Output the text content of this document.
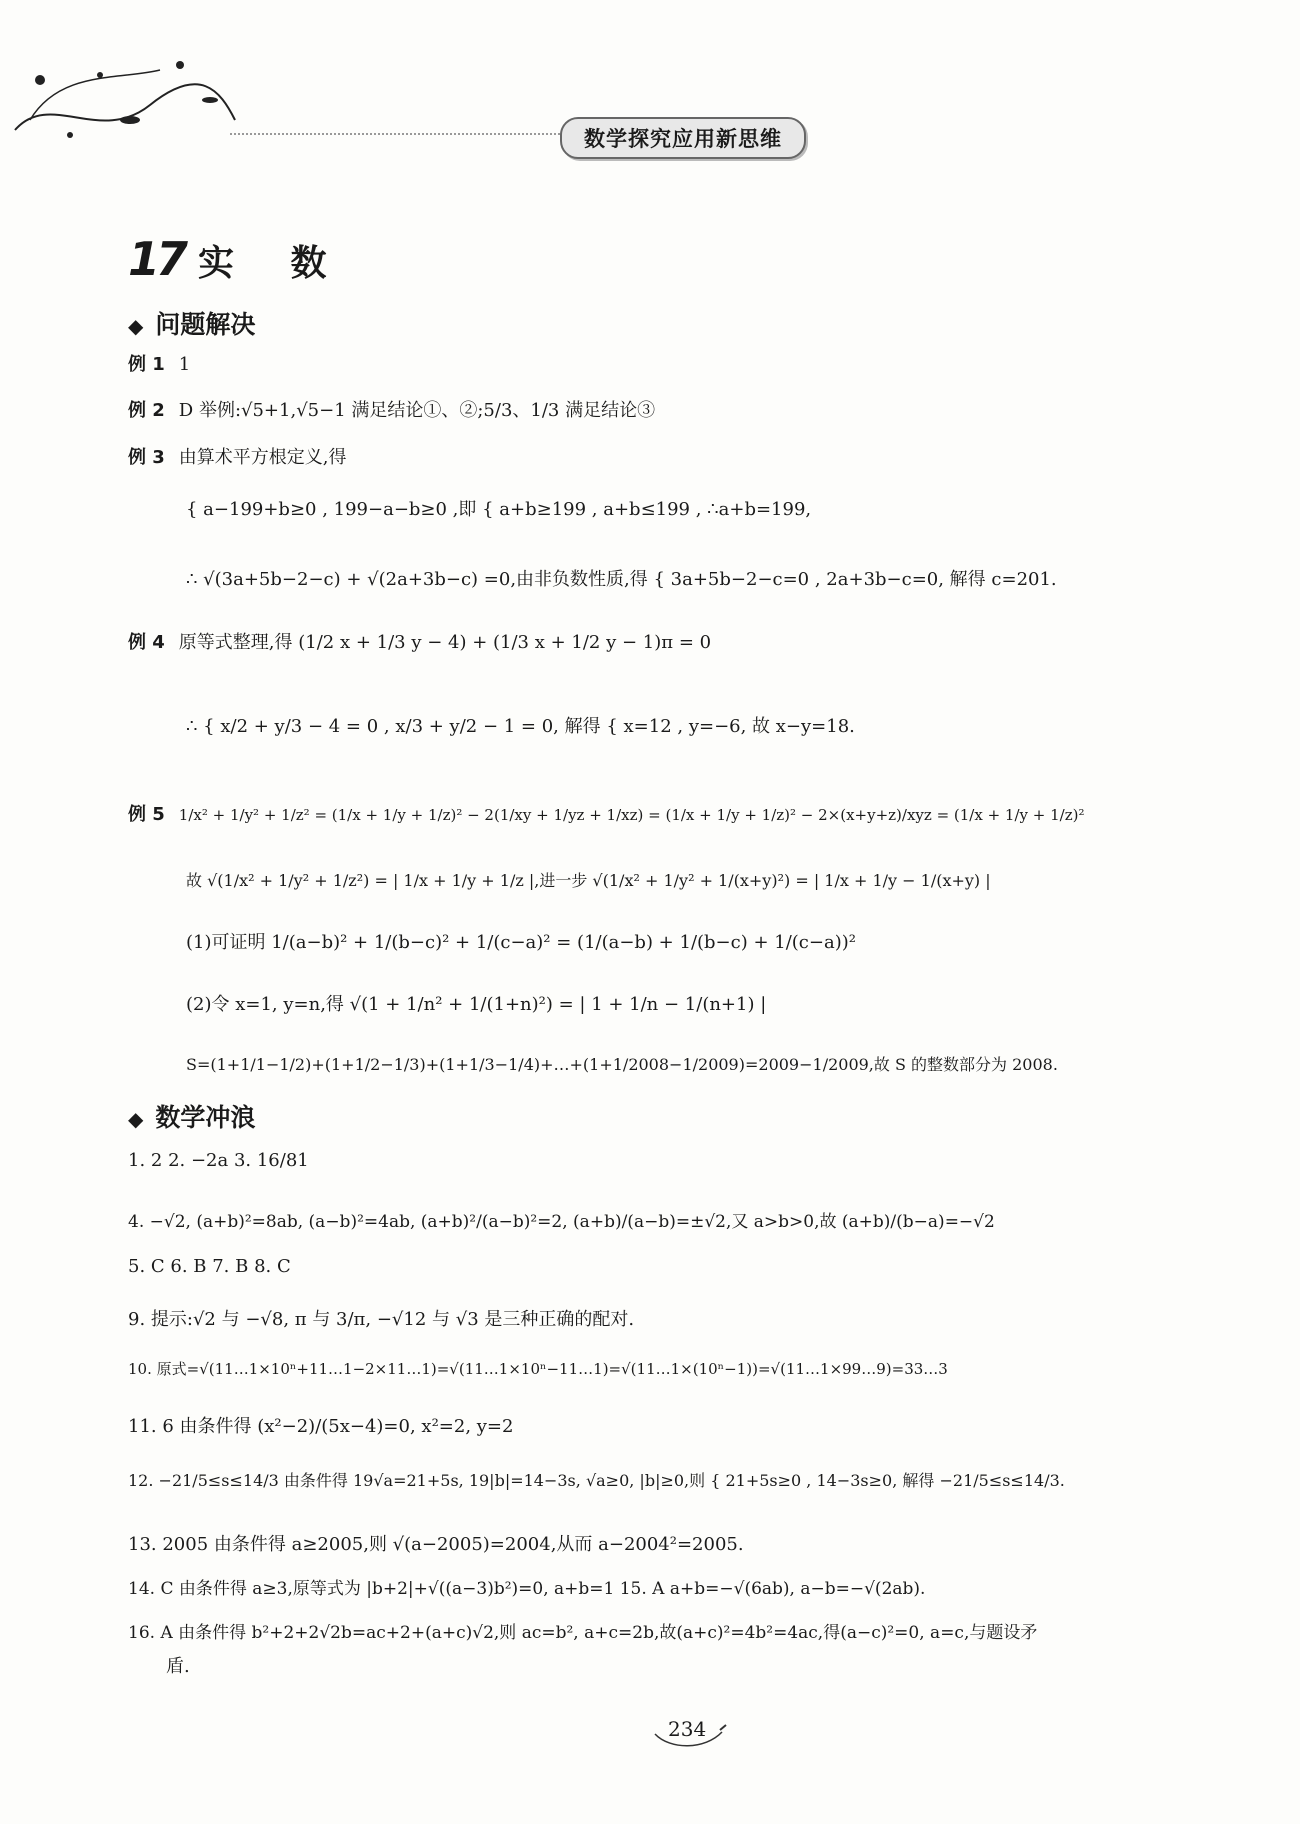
数学探究应用新思维
17 实 数
◆ 问题解决
例 1 1
例 2 D 举例:√5+1,√5−1 满足结论①、②;5/3、1/3 满足结论③
例 3 由算术平方根定义,得
{ a−199+b≥0 , 199−a−b≥0 ,即 { a+b≥199 , a+b≤199 , ∴a+b=199,
∴ √(3a+5b−2−c) + √(2a+3b−c) =0,由非负数性质,得 { 3a+5b−2−c=0 , 2a+3b−c=0, 解得 c=201.
例 4 原等式整理,得 (1/2 x + 1/3 y − 4) + (1/3 x + 1/2 y − 1)π = 0
∴ { x/2 + y/3 − 4 = 0 , x/3 + y/2 − 1 = 0, 解得 { x=12 , y=−6, 故 x−y=18.
例 5 1/x² + 1/y² + 1/z² = (1/x + 1/y + 1/z)² − 2(1/xy + 1/yz + 1/xz) = (1/x + 1/y + 1/z)² − 2×(x+y+z)/xyz = (1/x + 1/y + 1/z)²
故 √(1/x² + 1/y² + 1/z²) = | 1/x + 1/y + 1/z |,进一步 √(1/x² + 1/y² + 1/(x+y)²) = | 1/x + 1/y − 1/(x+y) |
(1)可证明 1/(a−b)² + 1/(b−c)² + 1/(c−a)² = (1/(a−b) + 1/(b−c) + 1/(c−a))²
(2)令 x=1, y=n,得 √(1 + 1/n² + 1/(1+n)²) = | 1 + 1/n − 1/(n+1) |
S=(1+1/1−1/2)+(1+1/2−1/3)+(1+1/3−1/4)+…+(1+1/2008−1/2009)=2009−1/2009,故 S 的整数部分为 2008.
◆ 数学冲浪
1. 2 2. −2a 3. 16/81
4. −√2, (a+b)²=8ab, (a−b)²=4ab, (a+b)²/(a−b)²=2, (a+b)/(a−b)=±√2,又 a>b>0,故 (a+b)/(b−a)=−√2
5. C 6. B 7. B 8. C
9. 提示:√2 与 −√8, π 与 3/π, −√12 与 √3 是三种正确的配对.
10. 原式=√(11…1×10ⁿ+11…1−2×11…1)=√(11…1×10ⁿ−11…1)=√(11…1×(10ⁿ−1))=√(11…1×99…9)=33…3
11. 6 由条件得 (x²−2)/(5x−4)=0, x²=2, y=2
12. −21/5≤s≤14/3 由条件得 19√a=21+5s, 19|b|=14−3s, √a≥0, |b|≥0,则 { 21+5s≥0 , 14−3s≥0, 解得 −21/5≤s≤14/3.
13. 2005 由条件得 a≥2005,则 √(a−2005)=2004,从而 a−2004²=2005.
14. C 由条件得 a≥3,原等式为 |b+2|+√((a−3)b²)=0, a+b=1 15. A a+b=−√(6ab), a−b=−√(2ab).
16. A 由条件得 b²+2+2√2b=ac+2+(a+c)√2,则 ac=b², a+c=2b,故(a+c)²=4b²=4ac,得(a−c)²=0, a=c,与题设矛
盾.
234
